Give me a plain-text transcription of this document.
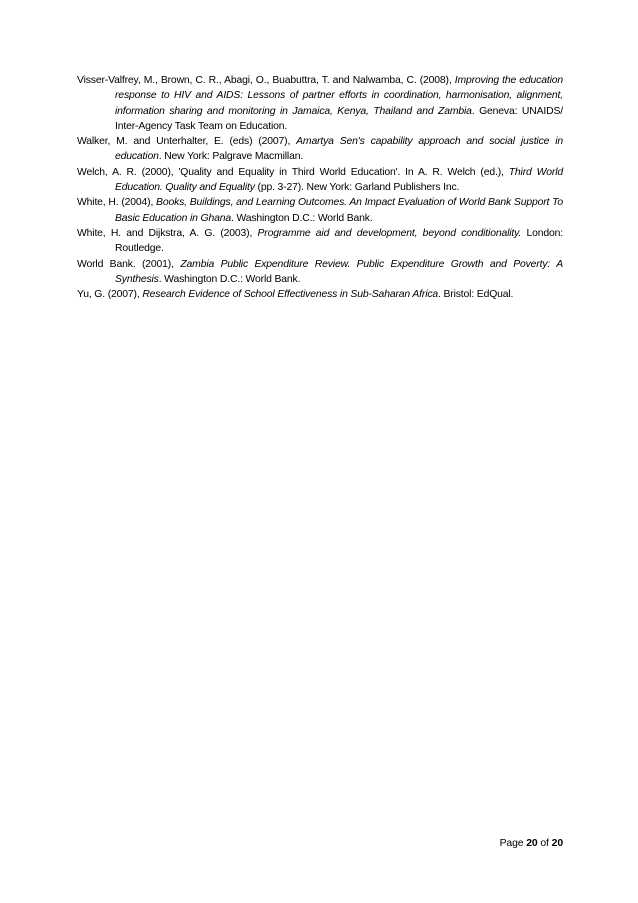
Visser-Valfrey, M., Brown, C. R., Abagi, O., Buabuttra, T. and Nalwamba, C. (2008), Improving the education response to HIV and AIDS: Lessons of partner efforts in coordination, harmonisation, alignment, information sharing and monitoring in Jamaica, Kenya, Thailand and Zambia. Geneva: UNAIDS/ Inter-Agency Task Team on Education.

Walker, M. and Unterhalter, E. (eds) (2007), Amartya Sen's capability approach and social justice in education. New York: Palgrave Macmillan.

Welch, A. R. (2000), 'Quality and Equality in Third World Education'. In A. R. Welch (ed.), Third World Education. Quality and Equality (pp. 3-27). New York: Garland Publishers Inc.

White, H. (2004), Books, Buildings, and Learning Outcomes. An Impact Evaluation of World Bank Support To Basic Education in Ghana. Washington D.C.: World Bank.

White, H. and Dijkstra, A. G. (2003), Programme aid and development, beyond conditionality. London: Routledge.

World Bank. (2001), Zambia Public Expenditure Review. Public Expenditure Growth and Poverty: A Synthesis. Washington D.C.: World Bank.

Yu, G. (2007), Research Evidence of School Effectiveness in Sub-Saharan Africa. Bristol: EdQual.

Page 20 of 20
